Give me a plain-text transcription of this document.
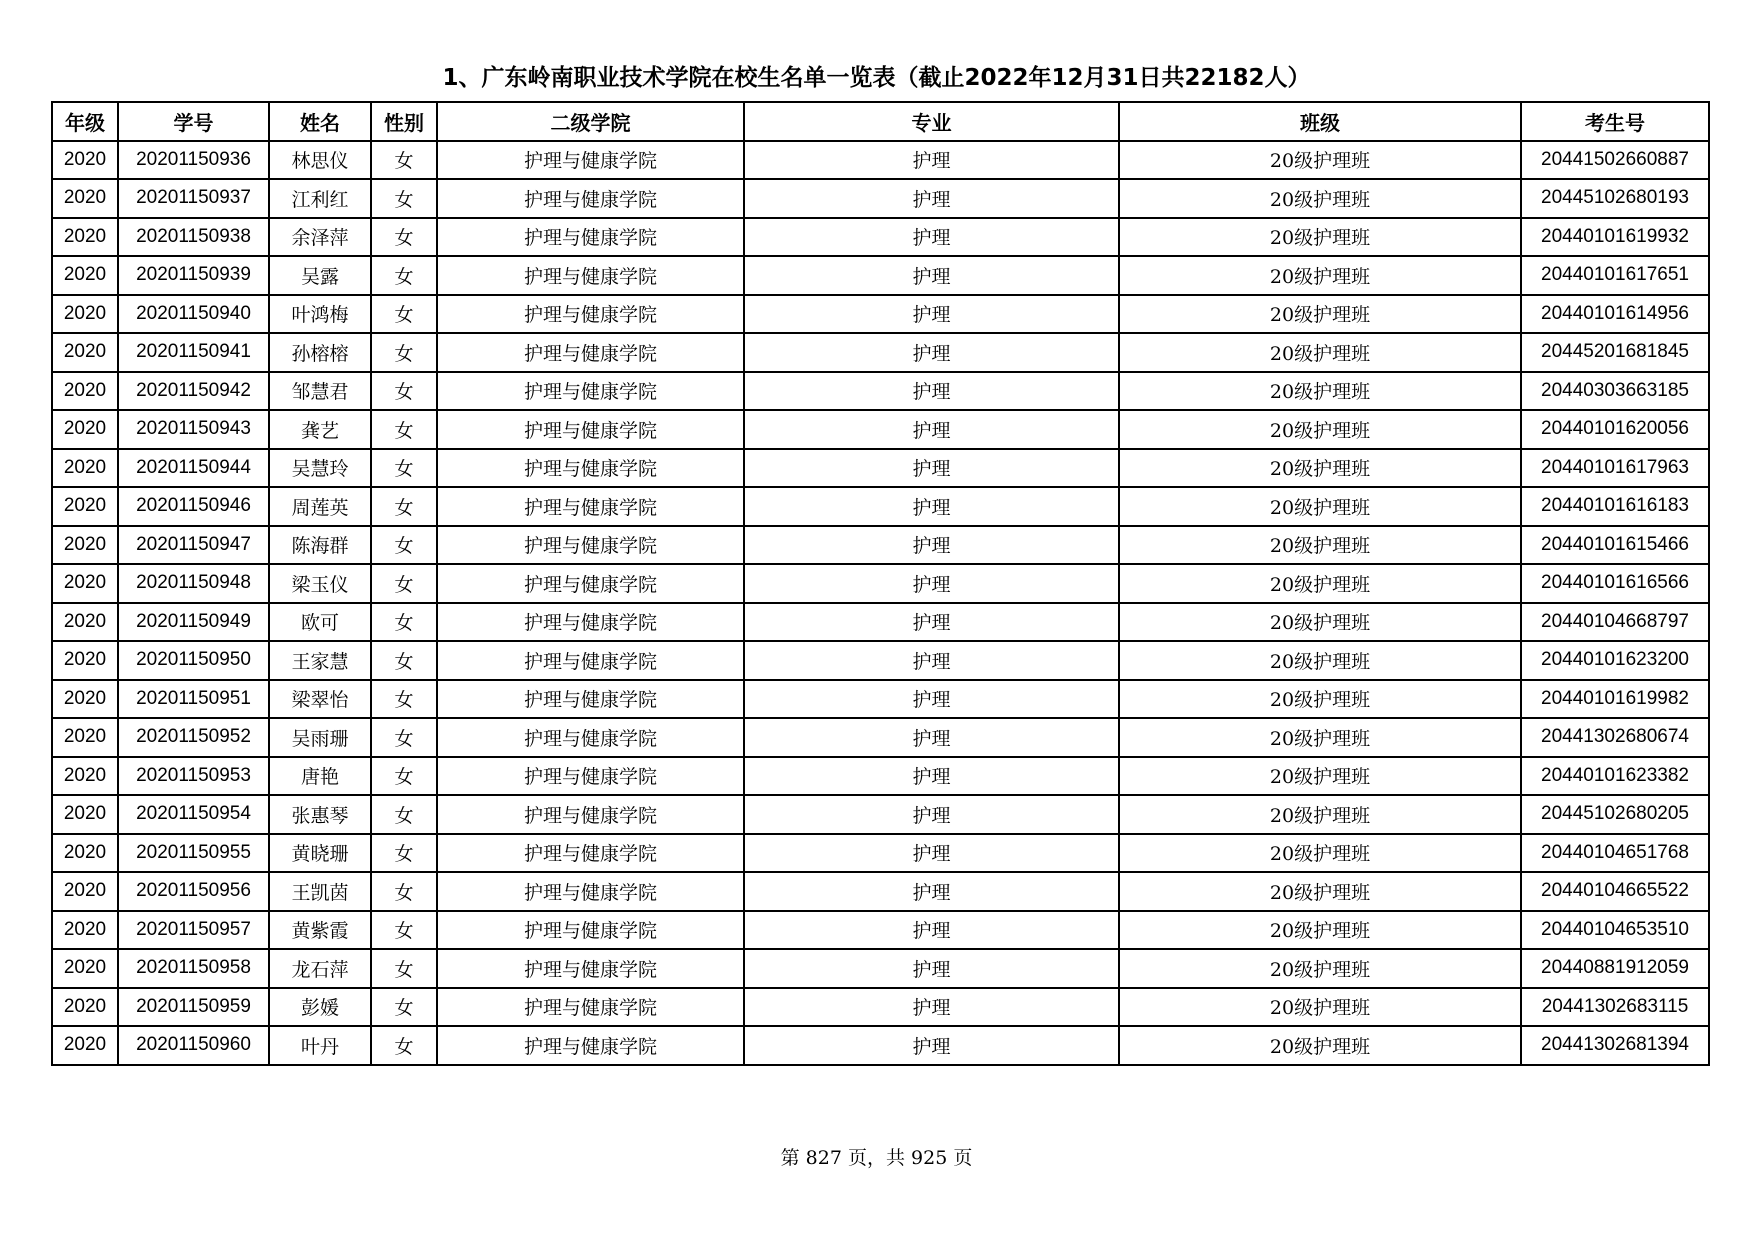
1、广东岭南职业技术学院在校生名单一览表（截止2022年12月31日共22182人）
年级	学号	姓名	性别	二级学院	专业	班级	考生号
2020	20201150936	林思仪	女	护理与健康学院	护理	20级护理班	20441502660887
2020	20201150937	江利红	女	护理与健康学院	护理	20级护理班	20445102680193
2020	20201150938	余泽萍	女	护理与健康学院	护理	20级护理班	20440101619932
2020	20201150939	吴露	女	护理与健康学院	护理	20级护理班	20440101617651
2020	20201150940	叶鸿梅	女	护理与健康学院	护理	20级护理班	20440101614956
2020	20201150941	孙榕榕	女	护理与健康学院	护理	20级护理班	20445201681845
2020	20201150942	邹慧君	女	护理与健康学院	护理	20级护理班	20440303663185
2020	20201150943	龚艺	女	护理与健康学院	护理	20级护理班	20440101620056
2020	20201150944	吴慧玲	女	护理与健康学院	护理	20级护理班	20440101617963
2020	20201150946	周莲英	女	护理与健康学院	护理	20级护理班	20440101616183
2020	20201150947	陈海群	女	护理与健康学院	护理	20级护理班	20440101615466
2020	20201150948	梁玉仪	女	护理与健康学院	护理	20级护理班	20440101616566
2020	20201150949	欧可	女	护理与健康学院	护理	20级护理班	20440104668797
2020	20201150950	王家慧	女	护理与健康学院	护理	20级护理班	20440101623200
2020	20201150951	梁翠怡	女	护理与健康学院	护理	20级护理班	20440101619982
2020	20201150952	吴雨珊	女	护理与健康学院	护理	20级护理班	20441302680674
2020	20201150953	唐艳	女	护理与健康学院	护理	20级护理班	20440101623382
2020	20201150954	张惠琴	女	护理与健康学院	护理	20级护理班	20445102680205
2020	20201150955	黄晓珊	女	护理与健康学院	护理	20级护理班	20440104651768
2020	20201150956	王凯茵	女	护理与健康学院	护理	20级护理班	20440104665522
2020	20201150957	黄紫霞	女	护理与健康学院	护理	20级护理班	20440104653510
2020	20201150958	龙石萍	女	护理与健康学院	护理	20级护理班	20440881912059
2020	20201150959	彭媛	女	护理与健康学院	护理	20级护理班	20441302683115
2020	20201150960	叶丹	女	护理与健康学院	护理	20级护理班	20441302681394
第 827 页，共 925 页
